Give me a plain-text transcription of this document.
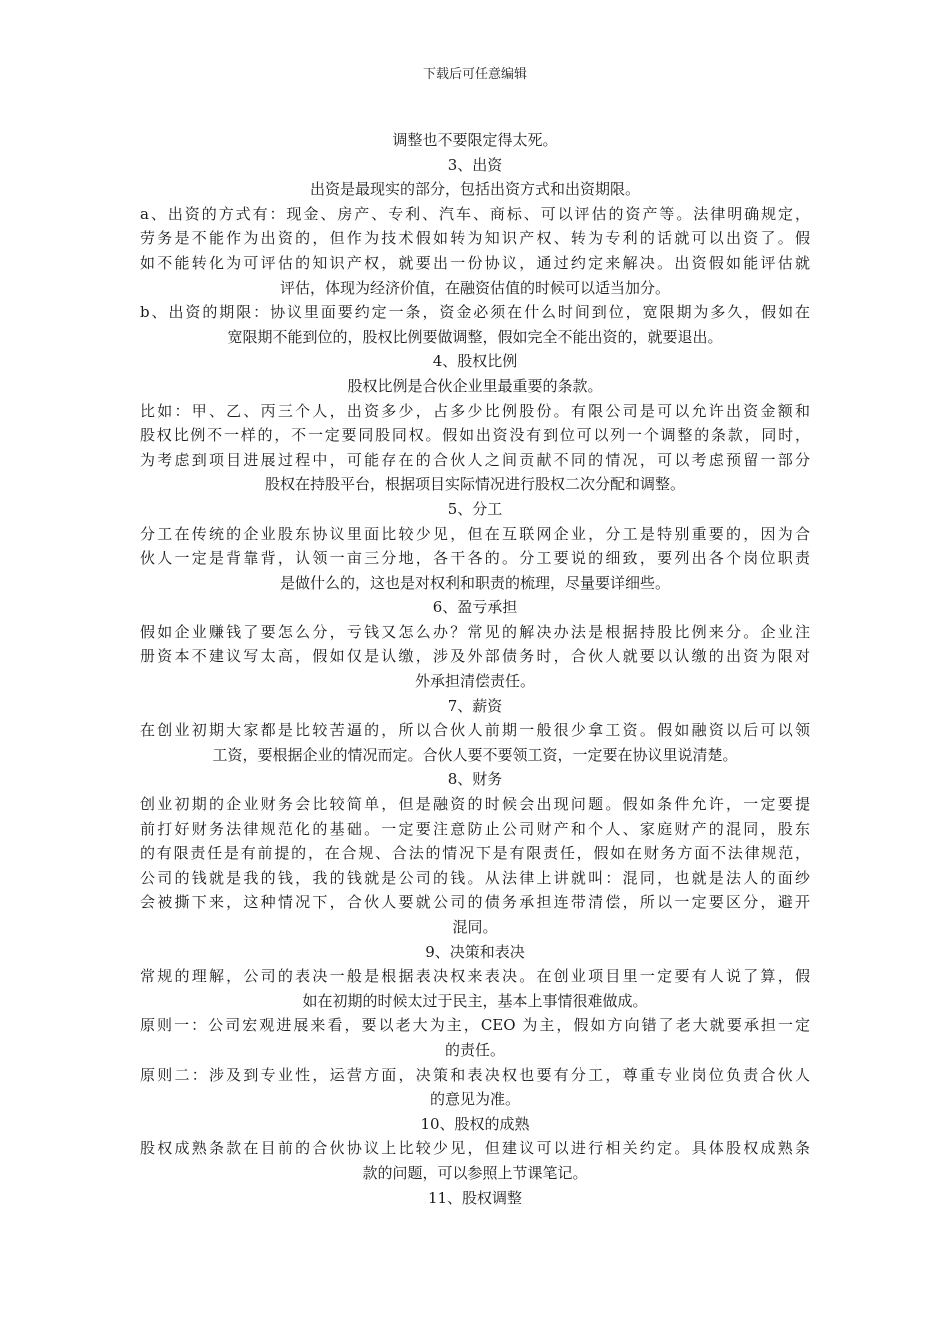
下载后可任意编辑
调整也不要限定得太死。
3、出资
出资是最现实的部分，包括出资方式和出资期限。
a、出资的方式有：现金、房产、专利、汽车、商标、可以评估的资产等。法律明确规定，
劳务是不能作为出资的，但作为技术假如转为知识产权、转为专利的话就可以出资了。假
如不能转化为可评估的知识产权，就要出一份协议，通过约定来解决。出资假如能评估就
评估，体现为经济价值，在融资估值的时候可以适当加分。
b、出资的期限：协议里面要约定一条，资金必须在什么时间到位，宽限期为多久，假如在
宽限期不能到位的，股权比例要做调整，假如完全不能出资的，就要退出。
4、股权比例
股权比例是合伙企业里最重要的条款。
比如：甲、乙、丙三个人，出资多少，占多少比例股份。有限公司是可以允许出资金额和
股权比例不一样的，不一定要同股同权。假如出资没有到位可以列一个调整的条款，同时，
为考虑到项目进展过程中，可能存在的合伙人之间贡献不同的情况，可以考虑预留一部分
股权在持股平台，根据项目实际情况进行股权二次分配和调整。
5、分工
分工在传统的企业股东协议里面比较少见，但在互联网企业，分工是特别重要的，因为合
伙人一定是背靠背，认领一亩三分地，各干各的。分工要说的细致，要列出各个岗位职责
是做什么的，这也是对权利和职责的梳理，尽量要详细些。
6、盈亏承担
假如企业赚钱了要怎么分，亏钱又怎么办？常见的解决办法是根据持股比例来分。企业注
册资本不建议写太高，假如仅是认缴，涉及外部债务时，合伙人就要以认缴的出资为限对
外承担清偿责任。
7、薪资
在创业初期大家都是比较苦逼的，所以合伙人前期一般很少拿工资。假如融资以后可以领
工资，要根据企业的情况而定。合伙人要不要领工资，一定要在协议里说清楚。
8、财务
创业初期的企业财务会比较简单，但是融资的时候会出现问题。假如条件允许，一定要提
前打好财务法律规范化的基础。一定要注意防止公司财产和个人、家庭财产的混同，股东
的有限责任是有前提的，在合规、合法的情况下是有限责任，假如在财务方面不法律规范，
公司的钱就是我的钱，我的钱就是公司的钱。从法律上讲就叫：混同，也就是法人的面纱
会被撕下来，这种情况下，合伙人要就公司的债务承担连带清偿，所以一定要区分，避开
混同。
9、决策和表决
常规的理解，公司的表决一般是根据表决权来表决。在创业项目里一定要有人说了算，假
如在初期的时候太过于民主，基本上事情很难做成。
原则一：公司宏观进展来看，要以老大为主，CEO 为主，假如方向错了老大就要承担一定
的责任。
原则二：涉及到专业性，运营方面，决策和表决权也要有分工，尊重专业岗位负责合伙人
的意见为准。
10、股权的成熟
股权成熟条款在目前的合伙协议上比较少见，但建议可以进行相关约定。具体股权成熟条
款的问题，可以参照上节课笔记。
11、股权调整
